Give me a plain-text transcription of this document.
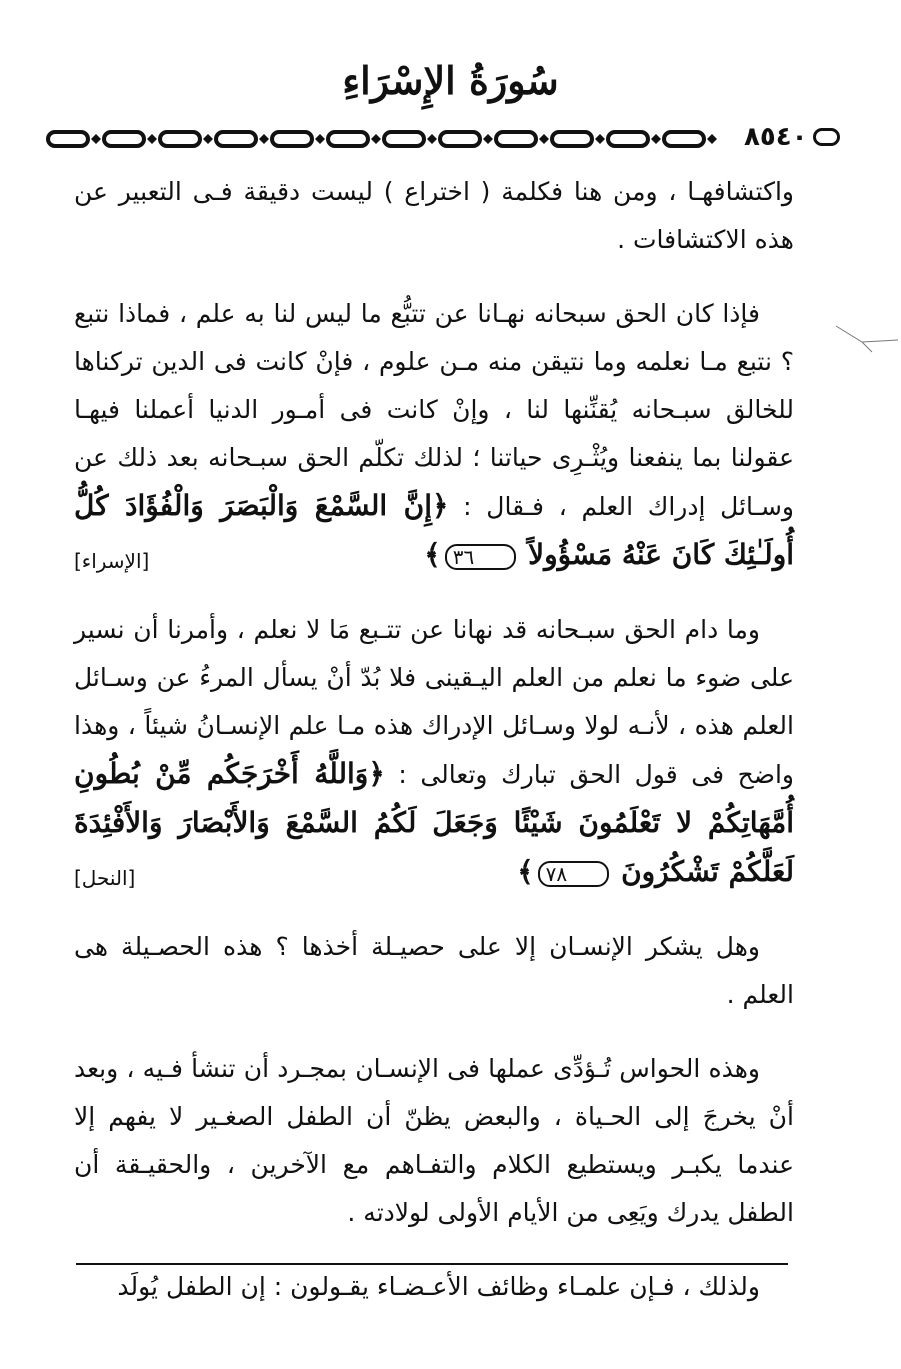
سُورَةُ الإِسْرَاءِ
٨٥٤٠

واكتشافهـا ، ومن هنا فكلمة ( اختراع ) ليست دقيقة فـى التعبير عن هذه الاكتشافات .

فإذا كان الحق سبحانه نهـانا عن تتبُّع ما ليس لنا به علم ، فماذا نتبع ؟ نتبع مـا نعلمه وما نتيقن منه مـن علوم ، فإنْ كانت فى الدين تركناها للخالق سبـحانه يُقنِّنها لنا ، وإنْ كانت فى أمـور الدنيا أعملنا فيهـا عقولنا بما ينفعنا ويُثْـرِى حياتنا ؛ لذلك تكلّم الحق سبـحانه بعد ذلك عن وسـائل إدراك العلم ، فـقال : ﴿إِنَّ السَّمْعَ وَالْبَصَرَ وَالْفُؤَادَ كُلُّ أُولَـٰئِكَ كَانَ عَنْهُ مَسْؤُولاً ٣٦﴾
[الإسراء]

وما دام الحق سبـحانه قد نهانا عن تتـبع مَا لا نعلم ، وأمرنا أن نسير على ضوء ما نعلم من العلم اليـقينى فلا بُدّ أنْ يسأل المرءُ عن وسـائل العلم هذه ، لأنـه لولا وسـائل الإدراك هذه مـا علم الإنسـانُ شيئاً ، وهذا واضح فى قول الحق تبارك وتعالى : ﴿وَاللَّهُ أَخْرَجَكُم مِّنْ بُطُونِ أُمَّهَاتِكُمْ لا تَعْلَمُونَ شَيْئًا وَجَعَلَ لَكُمُ السَّمْعَ وَالأَبْصَارَ وَالأَفْئِدَةَ لَعَلَّكُمْ تَشْكُرُونَ ٧٨﴾
[النحل]

وهل يشكر الإنسـان إلا على حصيـلة أخذها ؟ هذه الحصـيلة هى العلم .

وهذه الحواس تُـؤدِّى عملها فى الإنسـان بمجـرد أن تنشأ فـيه ، وبعد أنْ يخرجَ إلى الحـياة ، والبعض يظنّ أن الطفل الصغـير لا يفهم إلا عندما يكبـر ويستطيع الكلام والتفـاهم مع الآخرين ، والحقيـقة أن الطفل يدرك ويَعِى من الأيام الأولى لولادته .

ولذلك ، فـإن علمـاء وظائف الأعـضـاء يقـولون : إن الطفل يُولَد
